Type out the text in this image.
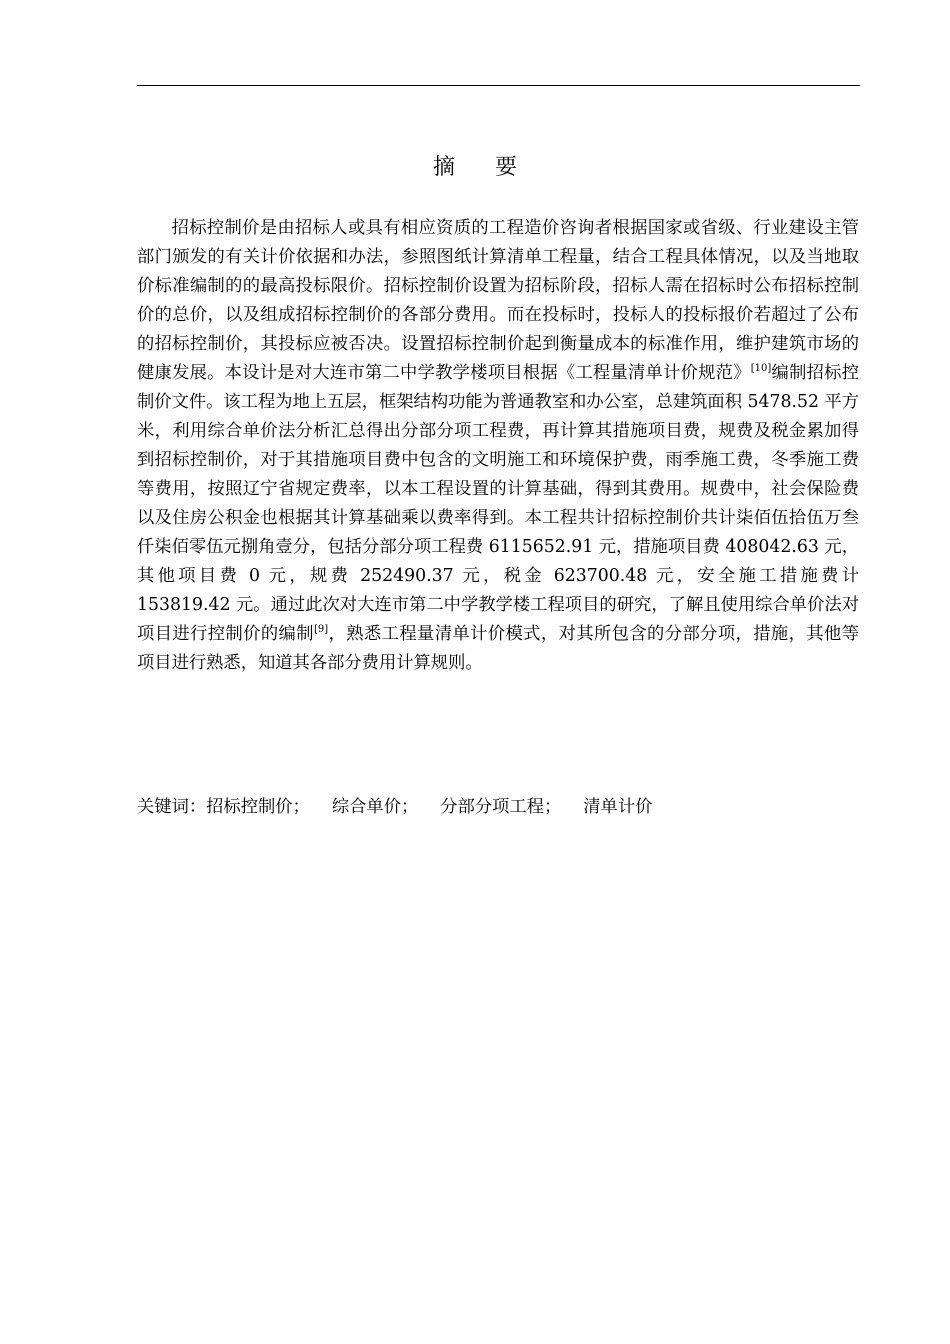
摘 要

招标控制价是由招标人或具有相应资质的工程造价咨询者根据国家或省级、行业建设主管部门颁发的有关计价依据和办法，参照图纸计算清单工程量，结合工程具体情况，以及当地取价标准编制的的最高投标限价。招标控制价设置为招标阶段，招标人需在招标时公布招标控制价的总价，以及组成招标控制价的各部分费用。而在投标时，投标人的投标报价若超过了公布的招标控制价，其投标应被否决。设置招标控制价起到衡量成本的标准作用，维护建筑市场的健康发展。本设计是对大连市第二中学教学楼项目根据《工程量清单计价规范》[10]编制招标控制价文件。该工程为地上五层，框架结构功能为普通教室和办公室，总建筑面积 5478.52 平方米，利用综合单价法分析汇总得出分部分项工程费，再计算其措施项目费，规费及税金累加得到招标控制价，对于其措施项目费中包含的文明施工和环境保护费，雨季施工费，冬季施工费等费用，按照辽宁省规定费率，以本工程设置的计算基础，得到其费用。规费中，社会保险费以及住房公积金也根据其计算基础乘以费率得到。本工程共计招标控制价共计柒佰伍拾伍万叁仟柒佰零伍元捌角壹分，包括分部分项工程费 6115652.91 元，措施项目费 408042.63 元，其他项目费 0 元，规费 252490.37 元，税金 623700.48 元，安全施工措施费计 153819.42 元。通过此次对大连市第二中学教学楼工程项目的研究，了解且使用综合单价法对项目进行控制价的编制[9]，熟悉工程量清单计价模式，对其所包含的分部分项，措施，其他等项目进行熟悉，知道其各部分费用计算规则。

关键词：招标控制价； 综合单价； 分部分项工程； 清单计价
